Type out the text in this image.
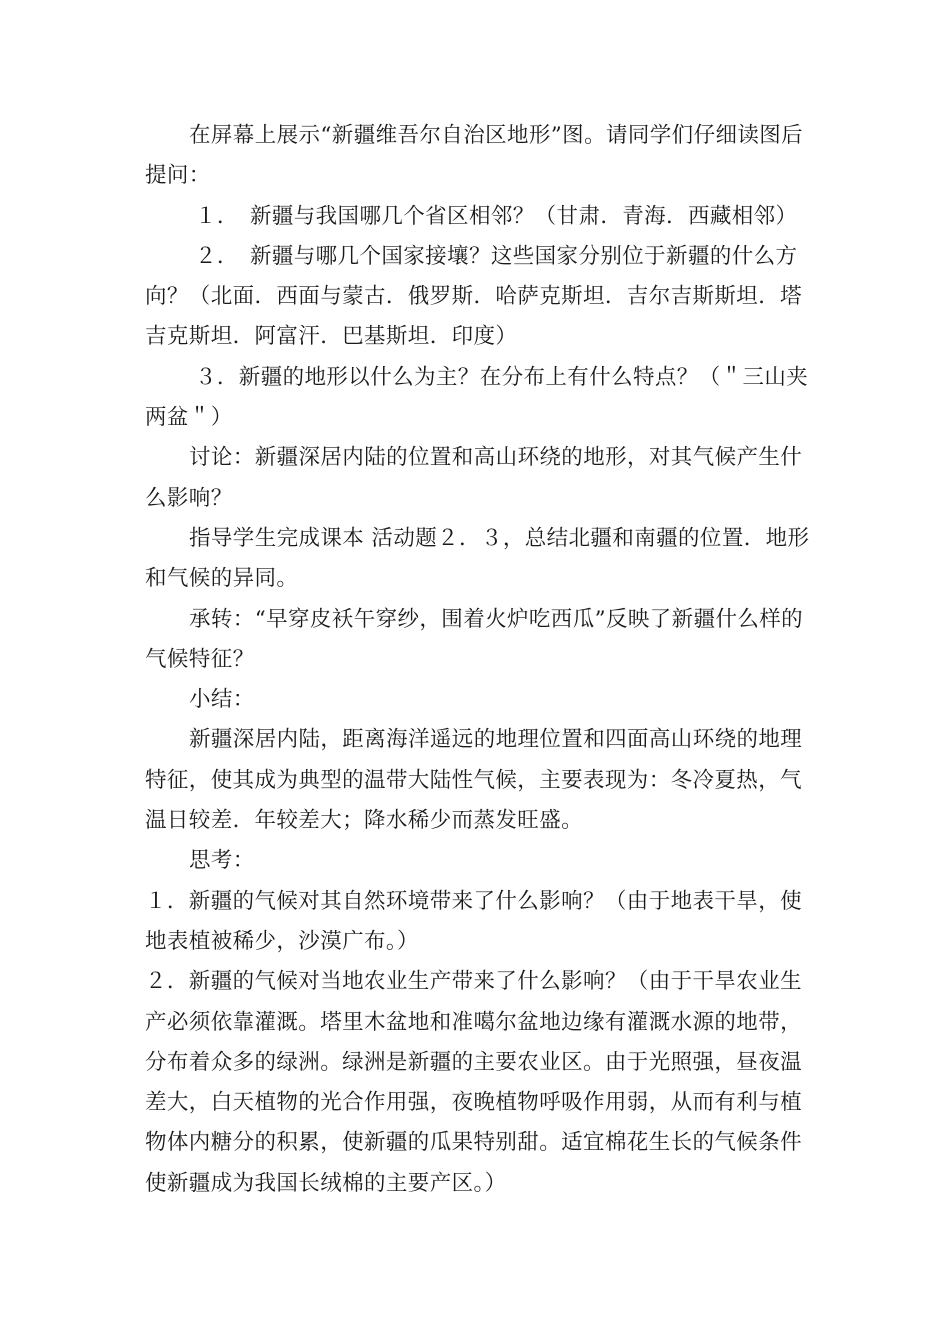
在屏幕上展示“新疆维吾尔自治区地形”图。请同学们仔细读图后提问：

１．　新疆与我国哪几个省区相邻？（甘肃．青海．西藏相邻）

２．　新疆与哪几个国家接壤？这些国家分别位于新疆的什么方向？（北面．西面与蒙古．俄罗斯．哈萨克斯坦．吉尔吉斯斯坦．塔吉克斯坦．阿富汗．巴基斯坦．印度）

３．新疆的地形以什么为主？在分布上有什么特点？（＂三山夹两盆＂）

讨论：新疆深居内陆的位置和高山环绕的地形，对其气候产生什么影响？

指导学生完成课本 活动题２．３，总结北疆和南疆的位置．地形和气候的异同。

承转：“早穿皮袄午穿纱，围着火炉吃西瓜”反映了新疆什么样的气候特征？

小结：

新疆深居内陆，距离海洋遥远的地理位置和四面高山环绕的地理特征，使其成为典型的温带大陆性气候，主要表现为：冬冷夏热，气温日较差．年较差大；降水稀少而蒸发旺盛。

思考：

１．新疆的气候对其自然环境带来了什么影响？（由于地表干旱，使地表植被稀少，沙漠广布。）

２．新疆的气候对当地农业生产带来了什么影响？（由于干旱农业生产必须依靠灌溉。塔里木盆地和准噶尔盆地边缘有灌溉水源的地带，分布着众多的绿洲。绿洲是新疆的主要农业区。由于光照强，昼夜温差大，白天植物的光合作用强，夜晚植物呼吸作用弱，从而有利与植物体内糖分的积累，使新疆的瓜果特别甜。适宜棉花生长的气候条件使新疆成为我国长绒棉的主要产区。）
